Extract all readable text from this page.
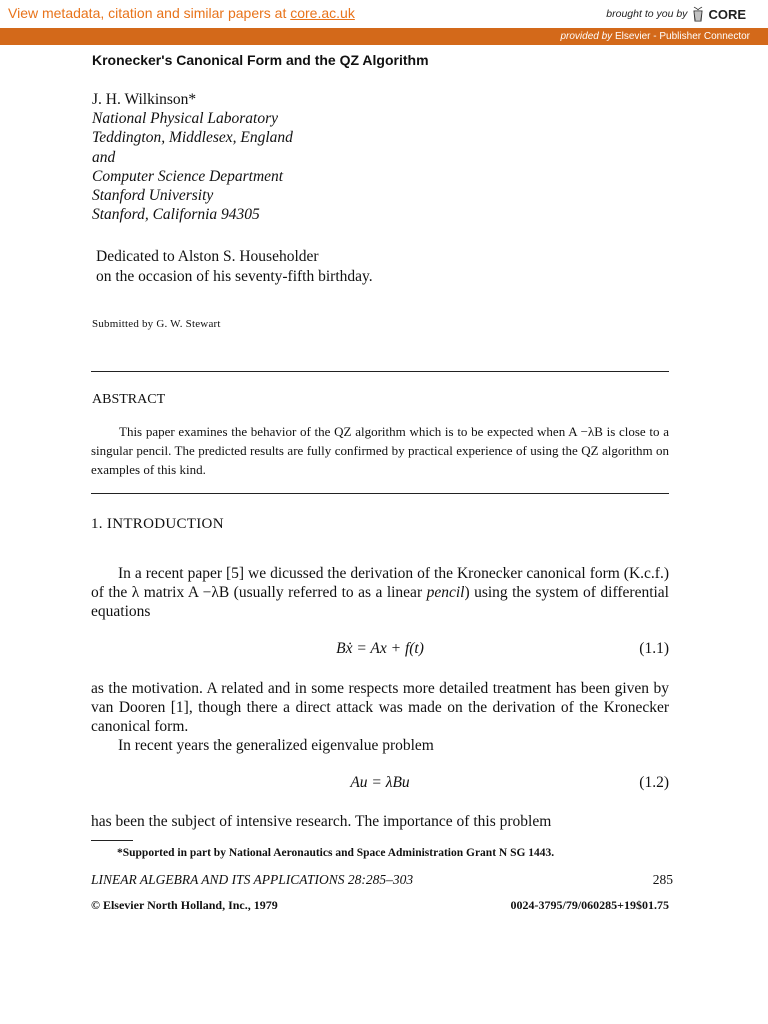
View metadata, citation and similar papers at core.ac.uk	brought to you by CORE
provided by Elsevier - Publisher Connector
Kronecker's Canonical Form and the QZ Algorithm
J. H. Wilkinson*
National Physical Laboratory
Teddington, Middlesex, England
and
Computer Science Department
Stanford University
Stanford, California 94305
Dedicated to Alston S. Householder
on the occasion of his seventy-fifth birthday.
Submitted by G. W. Stewart
ABSTRACT
This paper examines the behavior of the QZ algorithm which is to be expected when A −λB is close to a singular pencil. The predicted results are fully confirmed by practical experience of using the QZ algorithm on examples of this kind.
1. INTRODUCTION
In a recent paper [5] we dicussed the derivation of the Kronecker canonical form (K.c.f.) of the λ matrix A −λB (usually referred to as a linear pencil) using the system of differential equations
Bẋ = Ax + f(t)	(1.1)
as the motivation. A related and in some respects more detailed treatment has been given by van Dooren [1], though there a direct attack was made on the derivation of the Kronecker canonical form.
In recent years the generalized eigenvalue problem
Au = λBu	(1.2)
has been the subject of intensive research. The importance of this problem
*Supported in part by National Aeronautics and Space Administration Grant N SG 1443.
LINEAR ALGEBRA AND ITS APPLICATIONS 28:285–303	285
© Elsevier North Holland, Inc., 1979	0024-3795/79/060285+19$01.75
